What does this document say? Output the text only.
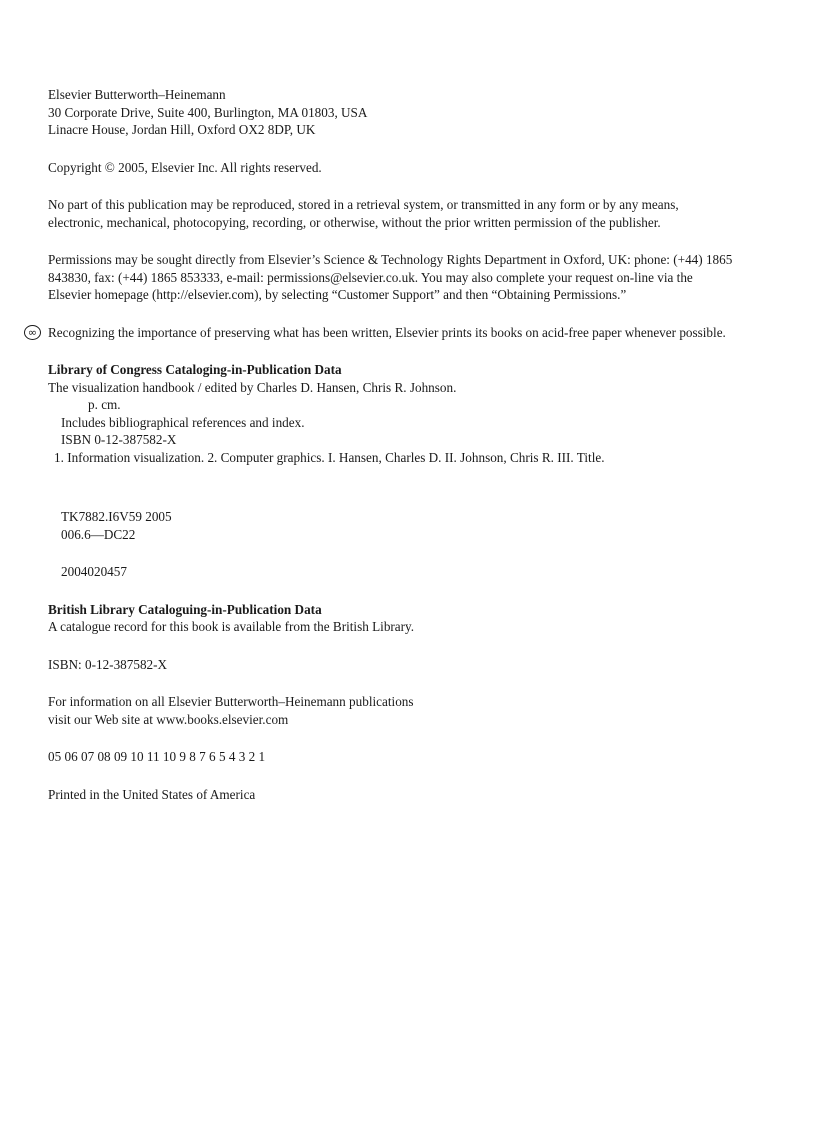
Elsevier Butterworth–Heinemann
30 Corporate Drive, Suite 400, Burlington, MA 01803, USA
Linacre House, Jordan Hill, Oxford OX2 8DP, UK
Copyright © 2005, Elsevier Inc. All rights reserved.
No part of this publication may be reproduced, stored in a retrieval system, or transmitted in any form or by any means,
electronic, mechanical, photocopying, recording, or otherwise, without the prior written permission of the publisher.
Permissions may be sought directly from Elsevier’s Science & Technology Rights Department in Oxford, UK: phone: (+44) 1865
843830, fax: (+44) 1865 853333, e-mail: permissions@elsevier.co.uk. You may also complete your request on-line via the
Elsevier homepage (http://elsevier.com), by selecting “Customer Support” and then “Obtaining Permissions.”
∞ Recognizing the importance of preserving what has been written, Elsevier prints its books on acid-free paper whenever possible.
Library of Congress Cataloging-in-Publication Data
The visualization handbook / edited by Charles D. Hansen, Chris R. Johnson.
p. cm.
Includes bibliographical references and index.
ISBN 0-12-387582-X
1. Information visualization. 2. Computer graphics. I. Hansen, Charles D. II. Johnson, Chris R. III. Title.
TK7882.I6V59 2005
006.6—DC22
2004020457
British Library Cataloguing-in-Publication Data
A catalogue record for this book is available from the British Library.
ISBN: 0-12-387582-X
For information on all Elsevier Butterworth–Heinemann publications
visit our Web site at www.books.elsevier.com
05 06 07 08 09 10 11 10 9 8 7 6 5 4 3 2 1
Printed in the United States of America
